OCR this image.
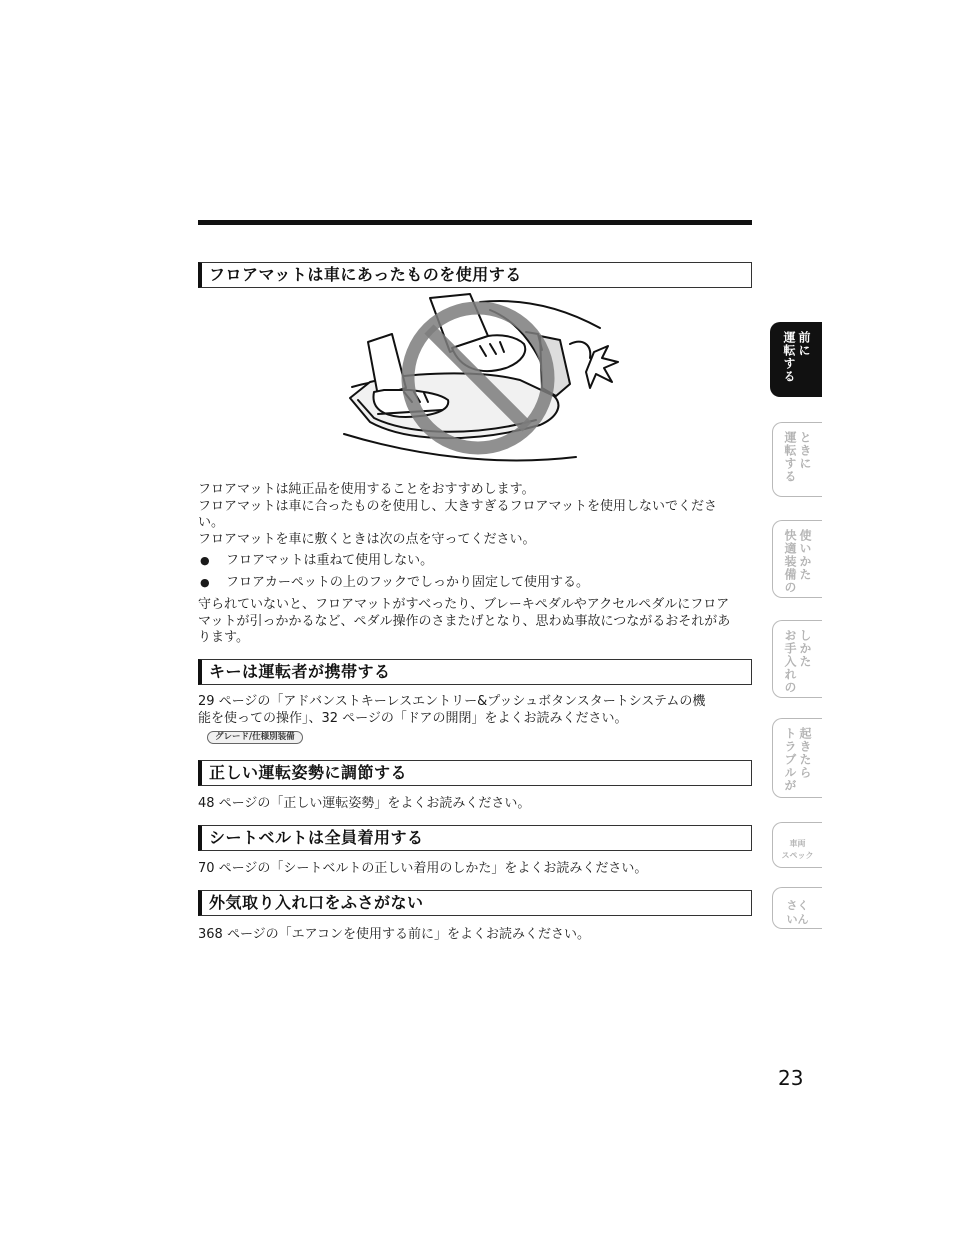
フロアマットは車にあったものを使用する
フロアマットは純正品を使用することをおすすめします。
フロアマットは車に合ったものを使用し、大きすぎるフロアマットを使用しないでくださ
い。
フロアマットを車に敷くときは次の点を守ってください。
●	フロアマットは重ねて使用しない。
●	フロアカーペットの上のフックでしっかり固定して使用する。
守られていないと、フロアマットがすべったり、ブレーキペダルやアクセルペダルにフロア
マットが引っかかるなど、ペダル操作のさまたげとなり、思わぬ事故につながるおそれがあ
ります。
キーは運転者が携帯する
29 ページの「アドバンストキーレスエントリー&プッシュボタンスタートシステムの機
能を使っての操作」、32 ページの「ドアの開閉」をよくお読みください。
グレード/仕様別装備
正しい運転姿勢に調節する
48 ページの「正しい運転姿勢」をよくお読みください。
シートベルトは全員着用する
70 ページの「シートベルトの正しい着用のしかた」をよくお読みください。
外気取り入れ口をふさがない
368 ページの「エアコンを使用する前に」をよくお読みください。
運転する 前に
運転する ときに
快適装備の 使いかた
お手入れの しかた
トラブルが 起きたら
車両
スペック
さく
いん
23
